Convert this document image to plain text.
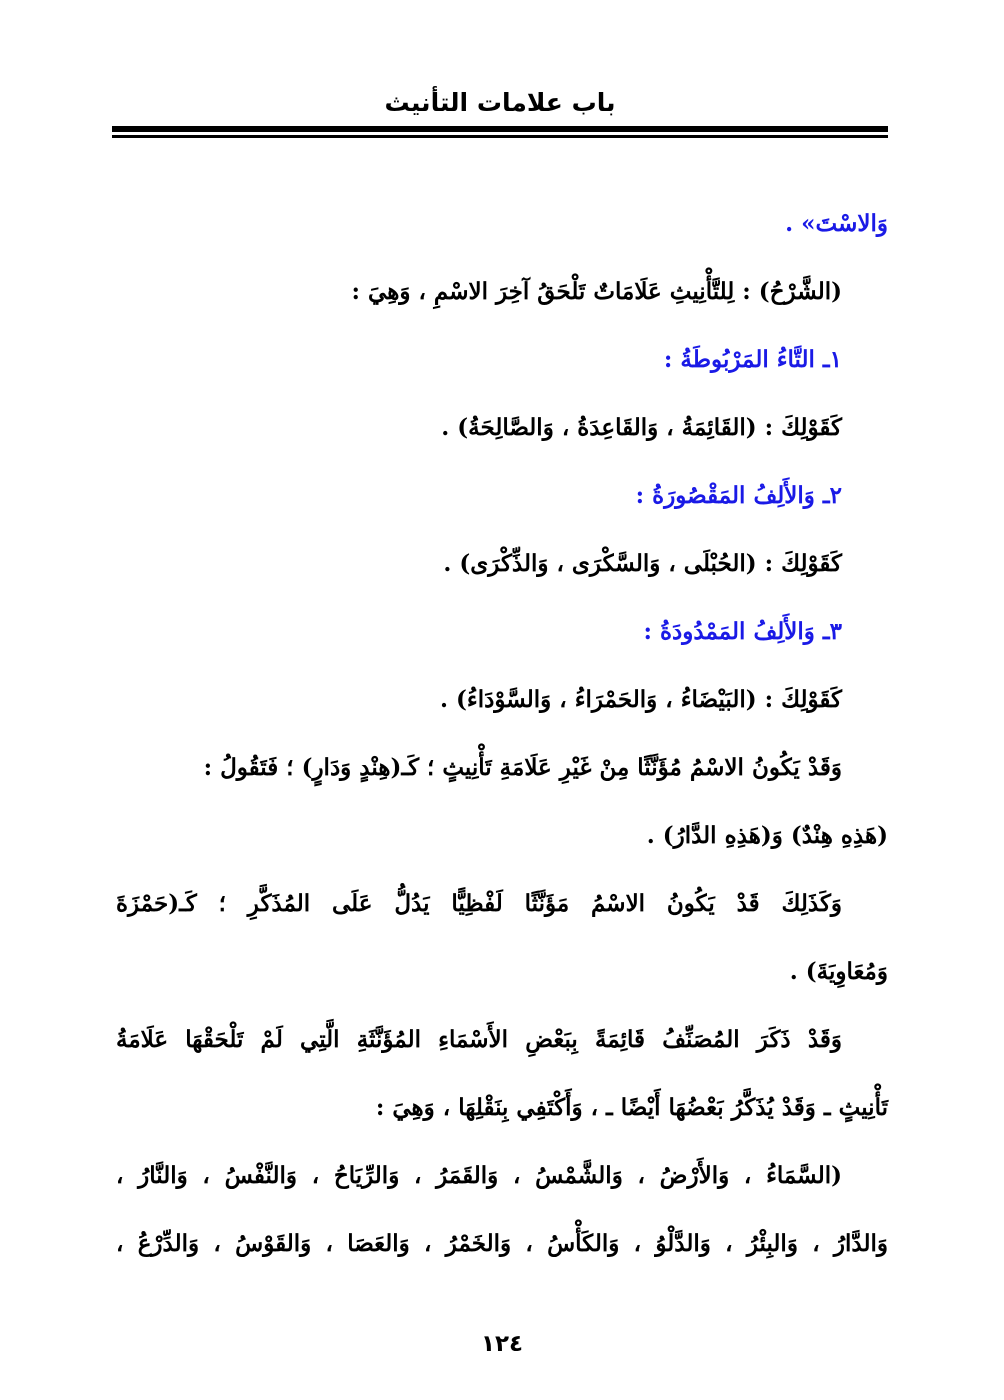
باب علامات التأنيث
وَالاسْتَ» .
(الشَّرْحُ) : لِلتَّأْنِيثِ عَلَامَاتٌ تَلْحَقُ آخِرَ الاسْمِ ، وَهِيَ :
١ـ التَّاءُ المَرْبُوطَةُ :
كَقَوْلِكَ : (القَائِمَةُ ، وَالقَاعِدَةُ ، وَالصَّالِحَةُ) .
٢ـ وَالأَلِفُ المَقْصُورَةُ :
كَقَوْلِكَ : (الحُبْلَى ، وَالسَّكْرَى ، وَالذِّكْرَى) .
٣ـ وَالأَلِفُ المَمْدُودَةُ :
كَقَوْلِكَ : (البَيْضَاءُ ، وَالحَمْرَاءُ ، وَالسَّوْدَاءُ) .
وَقَدْ يَكُونُ الاسْمُ مُؤَنَّثًا مِنْ غَيْرِ عَلَامَةِ تَأْنِيثٍ ؛ كَـ(هِنْدٍ وَدَارٍ) ؛ فَتَقُولُ :
(هَذِهِ هِنْدٌ) وَ(هَذِهِ الدَّارُ) .
وَكَذَلِكَ قَدْ يَكُونُ الاسْمُ مَؤَنَّثًا لَفْظِيًّا يَدُلُّ عَلَى المُذَكَّرِ ؛ كَـ(حَمْزَةَ
وَمُعَاوِيَةَ) .
وَقَدْ ذَكَرَ المُصَنِّفُ قَائِمَةً بِبَعْضِ الأَسْمَاءِ المُؤَنَّثَةِ الَّتِي لَمْ تَلْحَقْهَا عَلَامَةُ
تَأْنِيثٍ ـ وَقَدْ يُذَكَّرُ بَعْضُهَا أَيْضًا ـ ، وَأَكْتَفِي بِنَقْلِهَا ، وَهِيَ :
(السَّمَاءُ ، وَالأَرْضُ ، وَالشَّمْسُ ، وَالقَمَرُ ، وَالرِّيَاحُ ، وَالنَّفْسُ ، وَالنَّارُ ،
وَالدَّارُ ، وَالبِئْرُ ، وَالدَّلْوُ ، وَالكَأْسُ ، وَالخَمْرُ ، وَالعَصَا ، وَالقَوْسُ ، وَالدِّرْعُ ،
١٢٤
